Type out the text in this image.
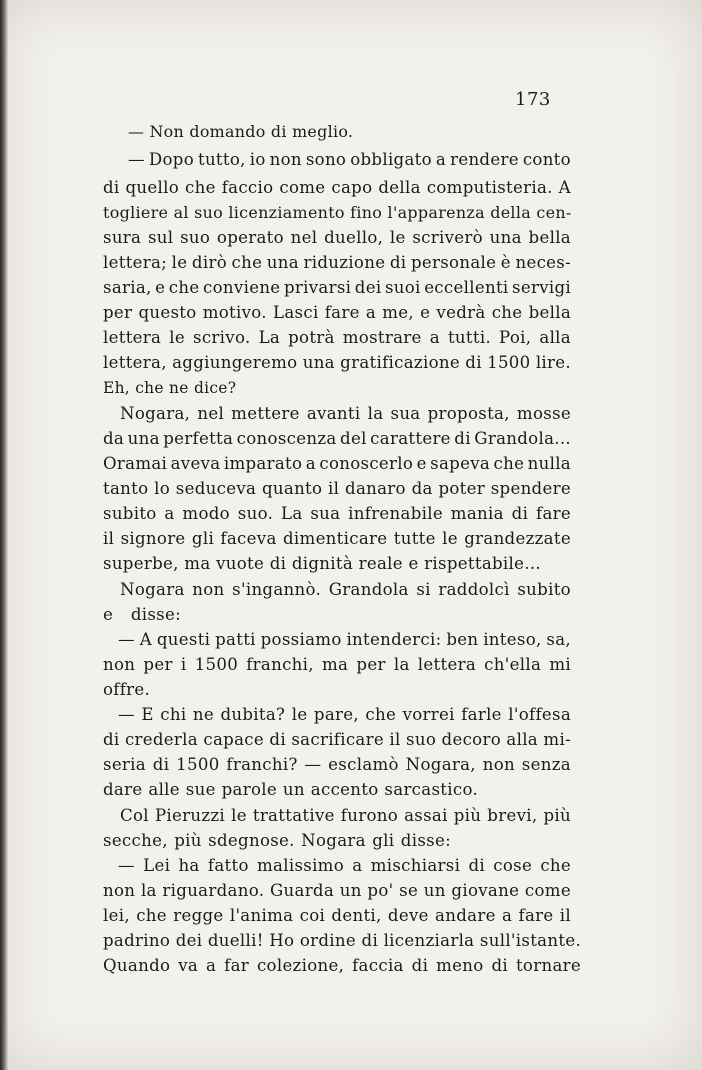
173
— Non domando di meglio.
— Dopo tutto, io non sono obbligato a rendere conto
di quello che faccio come capo della computisteria. A
togliere al suo licenziamento fino l'apparenza della cen-
sura sul suo operato nel duello, le scriverò una bella
lettera; le dirò che una riduzione di personale è neces-
saria, e che conviene privarsi dei suoi eccellenti servigi
per questo motivo. Lasci fare a me, e vedrà che bella
lettera le scrivo. La potrà mostrare a tutti. Poi, alla
lettera, aggiungeremo una gratificazione di 1500 lire.
Eh, che ne dice?
Nogara, nel mettere avanti la sua proposta, mosse
da una perfetta conoscenza del carattere di Grandola...
Oramai aveva imparato a conoscerlo e sapeva che nulla
tanto lo seduceva quanto il danaro da poter spendere
subito a modo suo. La sua infrenabile mania di fare
il signore gli faceva dimenticare tutte le grandezzate
superbe, ma vuote di dignità reale e rispettabile...
Nogara non s'ingannò. Grandola si raddolcì subito
e disse:
— A questi patti possiamo intenderci: ben inteso, sa,
non per i 1500 franchi, ma per la lettera ch'ella mi
offre.
— E chi ne dubita? le pare, che vorrei farle l'offesa
di crederla capace di sacrificare il suo decoro alla mi-
seria di 1500 franchi? — esclamò Nogara, non senza
dare alle sue parole un accento sarcastico.
Col Pieruzzi le trattative furono assai più brevi, più
secche, più sdegnose. Nogara gli disse:
— Lei ha fatto malissimo a mischiarsi di cose che
non la riguardano. Guarda un po' se un giovane come
lei, che regge l'anima coi denti, deve andare a fare il
padrino dei duelli! Ho ordine di licenziarla sull'istante.
Quando va a far colezione, faccia di meno di tornare
